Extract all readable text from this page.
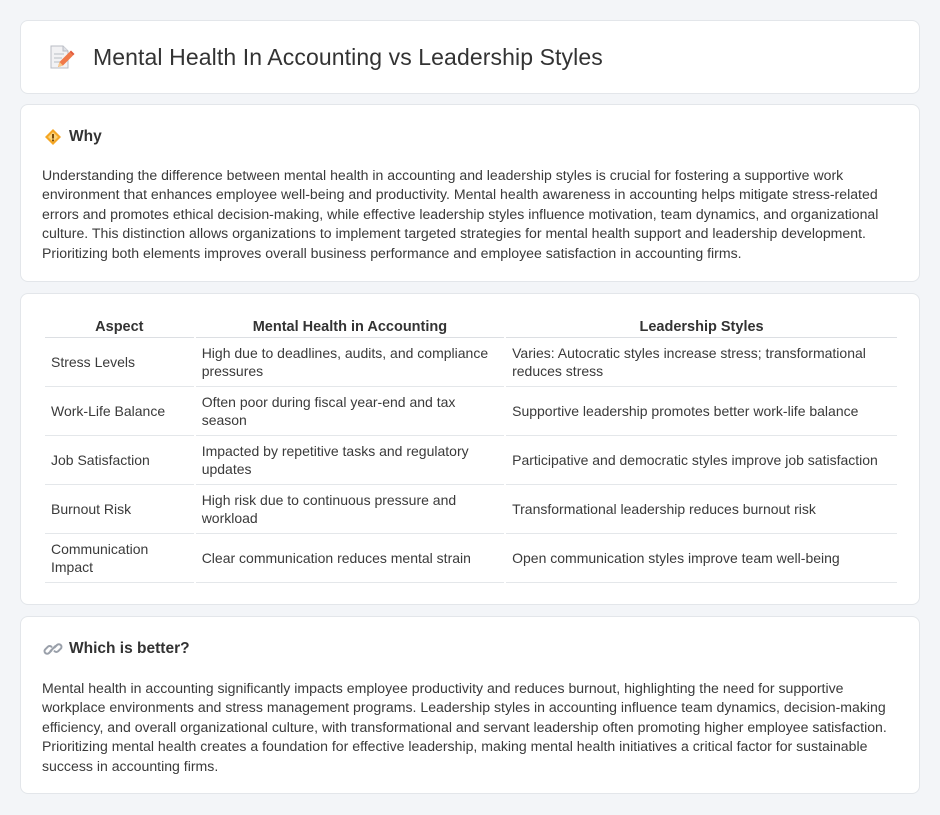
Mental Health In Accounting vs Leadership Styles
Why

Understanding the difference between mental health in accounting and leadership styles is crucial for fostering a supportive work environment that enhances employee well-being and productivity. Mental health awareness in accounting helps mitigate stress-related errors and promotes ethical decision-making, while effective leadership styles influence motivation, team dynamics, and organizational culture. This distinction allows organizations to implement targeted strategies for mental health support and leadership development. Prioritizing both elements improves overall business performance and employee satisfaction in accounting firms.

Aspect	Mental Health in Accounting	Leadership Styles
Stress Levels	High due to deadlines, audits, and compliance pressures	Varies: Autocratic styles increase stress; transformational reduces stress
Work-Life Balance	Often poor during fiscal year-end and tax season	Supportive leadership promotes better work-life balance
Job Satisfaction	Impacted by repetitive tasks and regulatory updates	Participative and democratic styles improve job satisfaction
Burnout Risk	High risk due to continuous pressure and workload	Transformational leadership reduces burnout risk
Communication Impact	Clear communication reduces mental strain	Open communication styles improve team well-being
Which is better?

Mental health in accounting significantly impacts employee productivity and reduces burnout, highlighting the need for supportive workplace environments and stress management programs. Leadership styles in accounting influence team dynamics, decision-making efficiency, and overall organizational culture, with transformational and servant leadership often promoting higher employee satisfaction. Prioritizing mental health creates a foundation for effective leadership, making mental health initiatives a critical factor for sustainable success in accounting firms.
